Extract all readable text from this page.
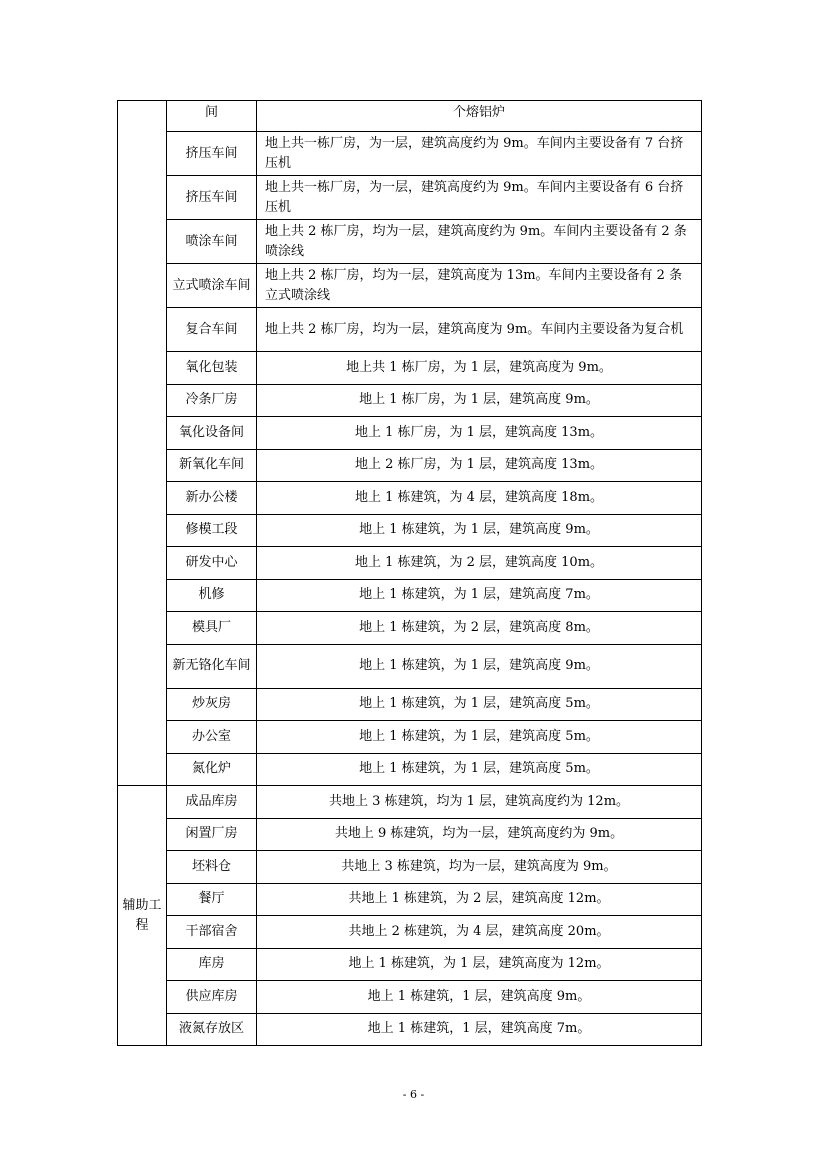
	间	个熔铝炉
	挤压车间	地上共一栋厂房，为一层，建筑高度约为 9m。车间内主要设备有 7 台挤压机
	挤压车间	地上共一栋厂房，为一层，建筑高度约为 9m。车间内主要设备有 6 台挤压机
	喷涂车间	地上共 2 栋厂房，均为一层，建筑高度约为 9m。车间内主要设备有 2 条喷涂线
	立式喷涂车间	地上共 2 栋厂房，均为一层，建筑高度为 13m。车间内主要设备有 2 条立式喷涂线
	复合车间	地上共 2 栋厂房，均为一层，建筑高度为 9m。车间内主要设备为复合机
	氧化包装	地上共 1 栋厂房，为 1 层，建筑高度为 9m。
	冷条厂房	地上 1 栋厂房，为 1 层，建筑高度 9m。
	氧化设备间	地上 1 栋厂房，为 1 层，建筑高度 13m。
	新氧化车间	地上 2 栋厂房，为 1 层，建筑高度 13m。
	新办公楼	地上 1 栋建筑，为 4 层，建筑高度 18m。
	修模工段	地上 1 栋建筑，为 1 层，建筑高度 9m。
	研发中心	地上 1 栋建筑，为 2 层，建筑高度 10m。
	机修	地上 1 栋建筑，为 1 层，建筑高度 7m。
	模具厂	地上 1 栋建筑，为 2 层，建筑高度 8m。
	新无铬化车间	地上 1 栋建筑，为 1 层，建筑高度 9m。
	炒灰房	地上 1 栋建筑，为 1 层，建筑高度 5m。
	办公室	地上 1 栋建筑，为 1 层，建筑高度 5m。
	氮化炉	地上 1 栋建筑，为 1 层，建筑高度 5m。
辅助工程	成品库房	共地上 3 栋建筑，均为 1 层，建筑高度约为 12m。
	闲置厂房	共地上 9 栋建筑，均为一层，建筑高度约为 9m。
	坯料仓	共地上 3 栋建筑，均为一层，建筑高度为 9m。
	餐厅	共地上 1 栋建筑，为 2 层，建筑高度 12m。
	干部宿舍	共地上 2 栋建筑，为 4 层，建筑高度 20m。
	库房	地上 1 栋建筑，为 1 层，建筑高度为 12m。
	供应库房	地上 1 栋建筑，1 层，建筑高度 9m。
	液氮存放区	地上 1 栋建筑，1 层，建筑高度 7m。
- 6 -
